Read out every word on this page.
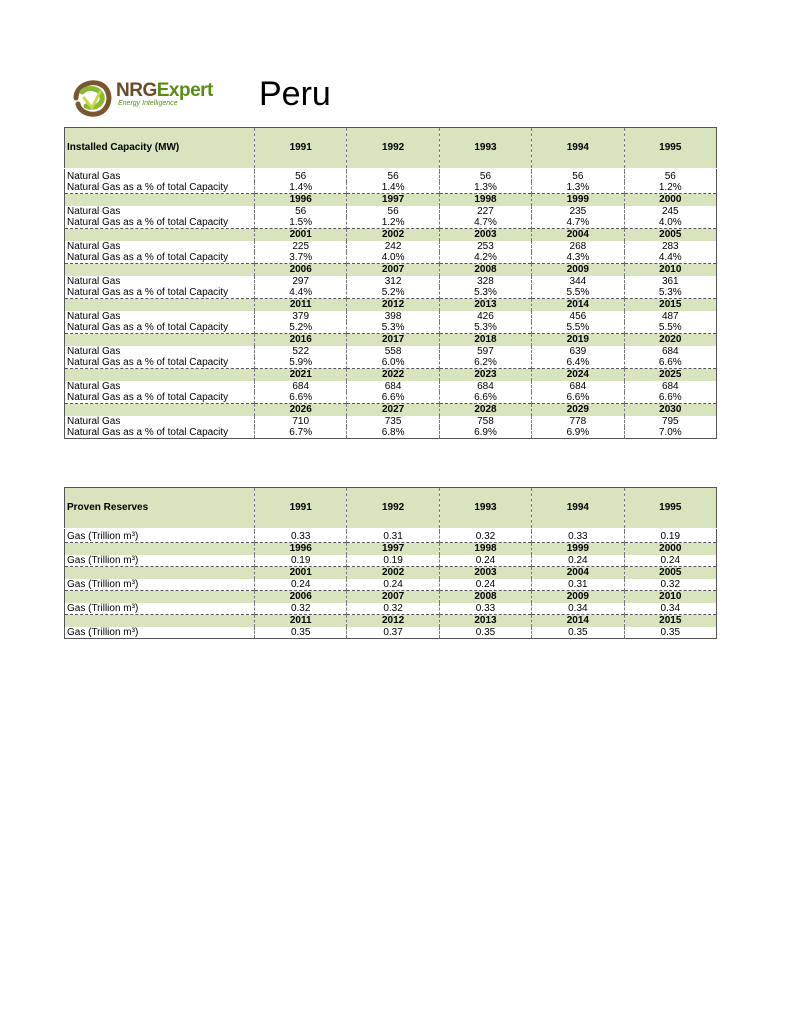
NRGExpert
Energy Intelligence Peru
Installed Capacity (MW)	1991	1992	1993	1994	1995

Natural Gas	56	56	56	56	56
Natural Gas as a % of total Capacity	1.4%	1.4%	1.3%	1.3%	1.2%
	1996	1997	1998	1999	2000
Natural Gas	56	56	227	235	245
Natural Gas as a % of total Capacity	1.5%	1.2%	4.7%	4.7%	4.0%
	2001	2002	2003	2004	2005
Natural Gas	225	242	253	268	283
Natural Gas as a % of total Capacity	3.7%	4.0%	4.2%	4.3%	4.4%
	2006	2007	2008	2009	2010
Natural Gas	297	312	328	344	361
Natural Gas as a % of total Capacity	4.4%	5.2%	5.3%	5.5%	5.3%
	2011	2012	2013	2014	2015
Natural Gas	379	398	426	456	487
Natural Gas as a % of total Capacity	5.2%	5.3%	5.3%	5.5%	5.5%
	2016	2017	2018	2019	2020
Natural Gas	522	558	597	639	684
Natural Gas as a % of total Capacity	5.9%	6.0%	6.2%	6.4%	6.6%
	2021	2022	2023	2024	2025
Natural Gas	684	684	684	684	684
Natural Gas as a % of total Capacity	6.6%	6.6%	6.6%	6.6%	6.6%
	2026	2027	2028	2029	2030
Natural Gas	710	735	758	778	795
Natural Gas as a % of total Capacity	6.7%	6.8%	6.9%	6.9%	7.0%
Proven Reserves	1991	1992	1993	1994	1995

Gas (Trillion m³)	0.33	0.31	0.32	0.33	0.19
	1996	1997	1998	1999	2000
Gas (Trillion m³)	0.19	0.19	0.24	0.24	0.24
	2001	2002	2003	2004	2005
Gas (Trillion m³)	0.24	0.24	0.24	0.31	0.32
	2006	2007	2008	2009	2010
Gas (Trillion m³)	0.32	0.32	0.33	0.34	0.34
	2011	2012	2013	2014	2015
Gas (Trillion m³)	0.35	0.37	0.35	0.35	0.35
